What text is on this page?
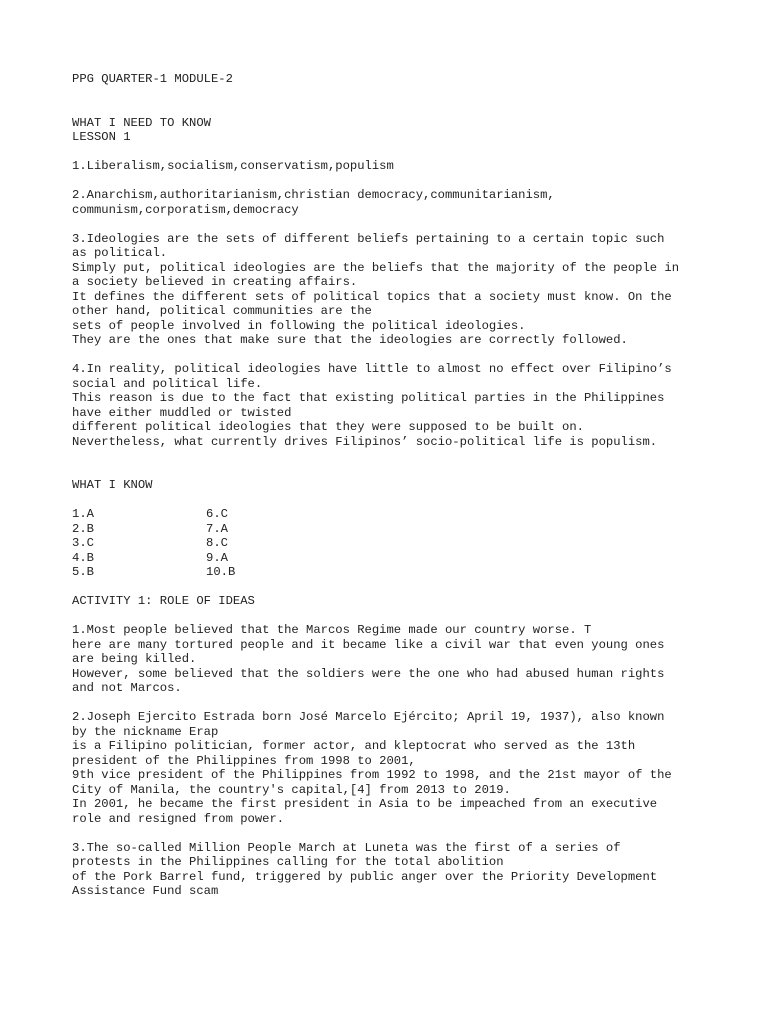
PPG QUARTER-1 MODULE-2
WHAT I NEED TO KNOW
LESSON 1
1.Liberalism,socialism,conservatism,populism
2.Anarchism,authoritarianism,christian democracy,communitarianism,
communism,corporatism,democracy
3.Ideologies are the sets of different beliefs pertaining to a certain topic such
as political.
Simply put, political ideologies are the beliefs that the majority of the people in
a society believed in creating affairs.
It defines the different sets of political topics that a society must know. On the
other hand, political communities are the
sets of people involved in following the political ideologies.
They are the ones that make sure that the ideologies are correctly followed.
4.In reality, political ideologies have little to almost no effect over Filipino’s
social and political life.
This reason is due to the fact that existing political parties in the Philippines
have either muddled or twisted
different political ideologies that they were supposed to be built on.
Nevertheless, what currently drives Filipinos’ socio-political life is populism.
WHAT I KNOW
1.A	6.C
2.B	7.A
3.C	8.C
4.B	9.A
5.B	10.B
ACTIVITY 1: ROLE OF IDEAS
1.Most people believed that the Marcos Regime made our country worse. T
here are many tortured people and it became like a civil war that even young ones
are being killed.
However, some believed that the soldiers were the one who had abused human rights
and not Marcos.
2.Joseph Ejercito Estrada born José Marcelo Ejército; April 19, 1937), also known
by the nickname Erap
is a Filipino politician, former actor, and kleptocrat who served as the 13th
president of the Philippines from 1998 to 2001,
9th vice president of the Philippines from 1992 to 1998, and the 21st mayor of the
City of Manila, the country's capital,[4] from 2013 to 2019.
In 2001, he became the first president in Asia to be impeached from an executive
role and resigned from power.
3.The so-called Million People March at Luneta was the first of a series of
protests in the Philippines calling for the total abolition
of the Pork Barrel fund, triggered by public anger over the Priority Development
Assistance Fund scam
